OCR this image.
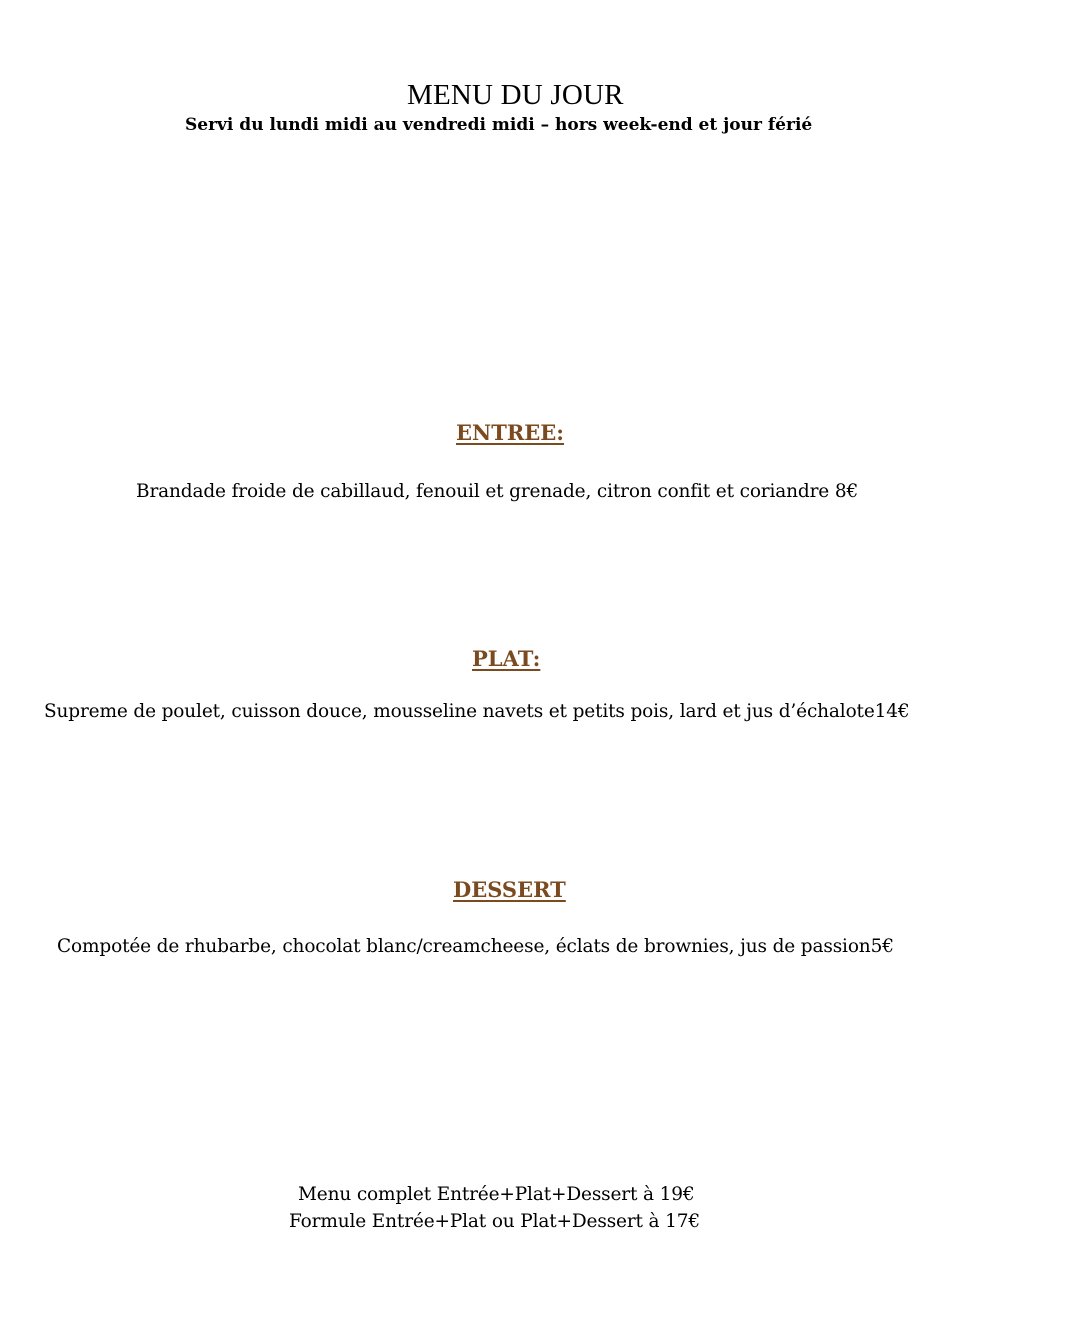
MENU DU JOUR
Servi du lundi midi au vendredi midi – hors week-end et jour férié
ENTREE:
Brandade froide de cabillaud, fenouil et grenade, citron confit et coriandre 8€
PLAT:
Supreme de poulet, cuisson douce, mousseline navets et petits pois, lard et jus d’échalote14€
DESSERT
Compotée de rhubarbe, chocolat blanc/creamcheese, éclats de brownies, jus de passion5€
Menu complet Entrée+Plat+Dessert à 19€
Formule Entrée+Plat ou Plat+Dessert à 17€
